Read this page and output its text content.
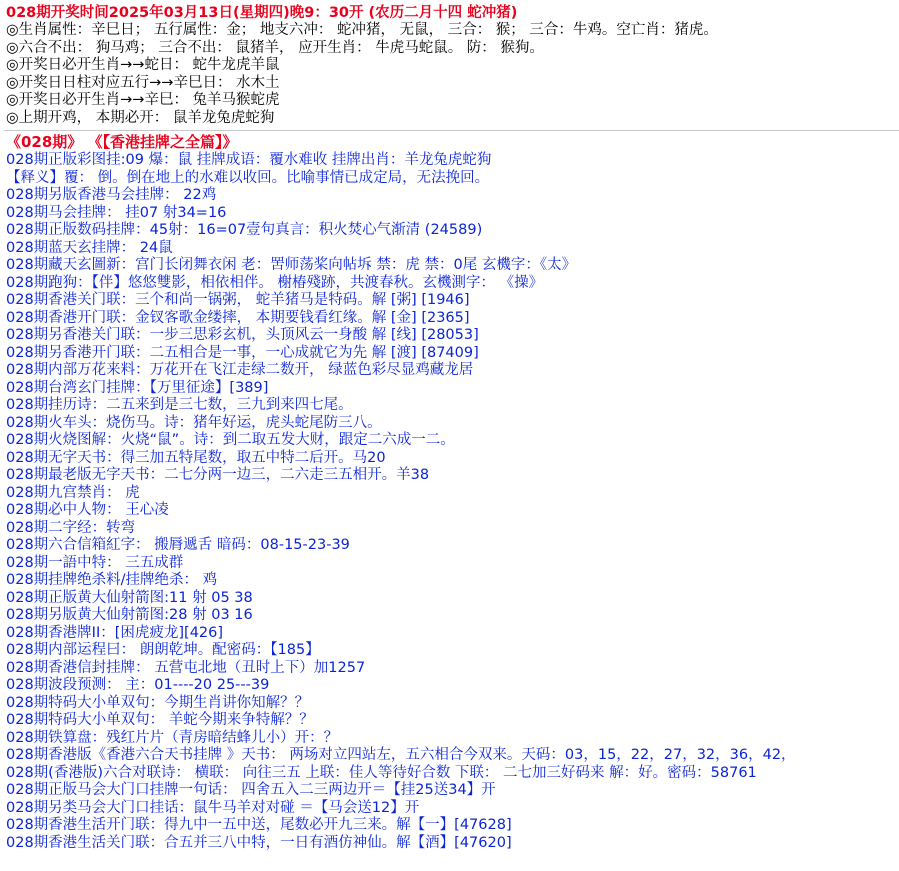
028期开奖时间2025年03月13日(星期四)晚9：30开 (农历二月十四 蛇冲猪)
◎生肖属性：辛巳日； 五行属性：金； 地支六冲： 蛇冲猪， 无鼠， 三合： 猴； 三合：牛鸡。空亡肖：猪虎。
◎六合不出： 狗马鸡； 三合不出： 鼠猪羊， 应开生肖： 牛虎马蛇鼠。 防： 猴狗。
◎开奖日必开生肖→→蛇日： 蛇牛龙虎羊鼠
◎开奖日日柱对应五行→→辛巳日： 水木土
◎开奖日必开生肖→→辛巳： 兔羊马猴蛇虎
◎上期开鸡， 本期必开： 鼠羊龙兔虎蛇狗
《028期》 《【香港挂牌之全篇】》
028期正版彩图挂:09 爆：鼠 挂牌成语：覆水难收 挂牌出肖：羊龙兔虎蛇狗
【释义】覆： 倒。倒在地上的水难以收回。比喻事情已成定局，无法挽回。
028期另版香港马会挂牌： 22鸡
028期马会挂牌： 挂07 射34=16
028期正版数码挂牌：45射：16=07壹句真言：积火焚心气渐清 (24589)
028期蓝天玄挂牌： 24鼠
028期藏天玄圖新：宫门长闭舞衣闲 老：罟师荡桨向帖坼 禁：虎 禁：0尾 玄機字：《太》
028期跑狗：【伴】悠悠雙影，相依相伴。 榭椿殘跡，共渡春秋。玄機測字： 《操》
028期香港关门联：三个和尚一锅粥， 蛇羊猪马是特码。解 [粥] [1946]
028期香港开门联：金钗客歌金缕摔， 本期要钱看红缘。解 [金] [2365]
028期另香港关门联：一步三思彩玄机，头顶风云一身酸 解 [线] [28053]
028期另香港开门联：二五相合是一事，一心成就它为先 解 [渡] [87409]
028期内部万花来料：万花开在飞江走绿二数开， 绿蓝色彩尽显鸡藏龙居
028期台湾玄门挂牌：【万里征途】[389]
028期挂历诗：二五来到是三七数，三九到来四七尾。
028期火车头：烧伤马。诗：猪年好运，虎头蛇尾防三八。
028期火烧图解：火烧“鼠”。诗：到二取五发大财，跟定二六成一二。
028期无字天书：得三加五特尾数，取五中特二后开。马20
028期最老版无字天书：二七分两一边三，二六走三五相开。羊38
028期九宫禁肖： 虎
028期必中人物： 王心凌
028期二字经：转弯
028期六合信箱紅字： 搬脣遞舌 暗码：08-15-23-39
028期一語中特： 三五成群
028期挂牌绝杀料/挂牌绝杀： 鸡
028期正版黄大仙射箭图:11 射 05 38
028期另版黄大仙射箭图:28 射 03 16
028期香港牌ΙΙ：[困虎疲龙][426]
028期内部运程曰： 朗朗乾坤。配密码：【185】
028期香港信封挂牌： 五营屯北地（丑时上下）加1257
028期波段预测： 主：01----20 25---39
028期特码大小单双句：今期生肖讲你知解？？
028期特码大小单双句： 羊蛇今期来争特解？？
028期铁算盘：残红片片（青房暗结蜂儿小）开：？
028期香港版《香港六合天书挂牌 》天书： 两场对立四站左，五六相合今双来。天码：03，15，22，27，32，36，42，
028期(香港版)六合对联诗： 横联： 向往三五 上联：佳人等待好合数 下联： 二七加三好码来 解：好。密码：58761
028期正版马会大门口挂牌一句话： 四舍五入二三两边开＝【挂25送34】开
028期另类马会大门口挂话：鼠牛马羊对对碰 ＝【马会送12】开
028期香港生活开门联：得九中一五中送，尾数必开九三来。解【一】[47628]
028期香港生活关门联：合五并三八中特，一日有酒仿神仙。解【酒】[47620]
